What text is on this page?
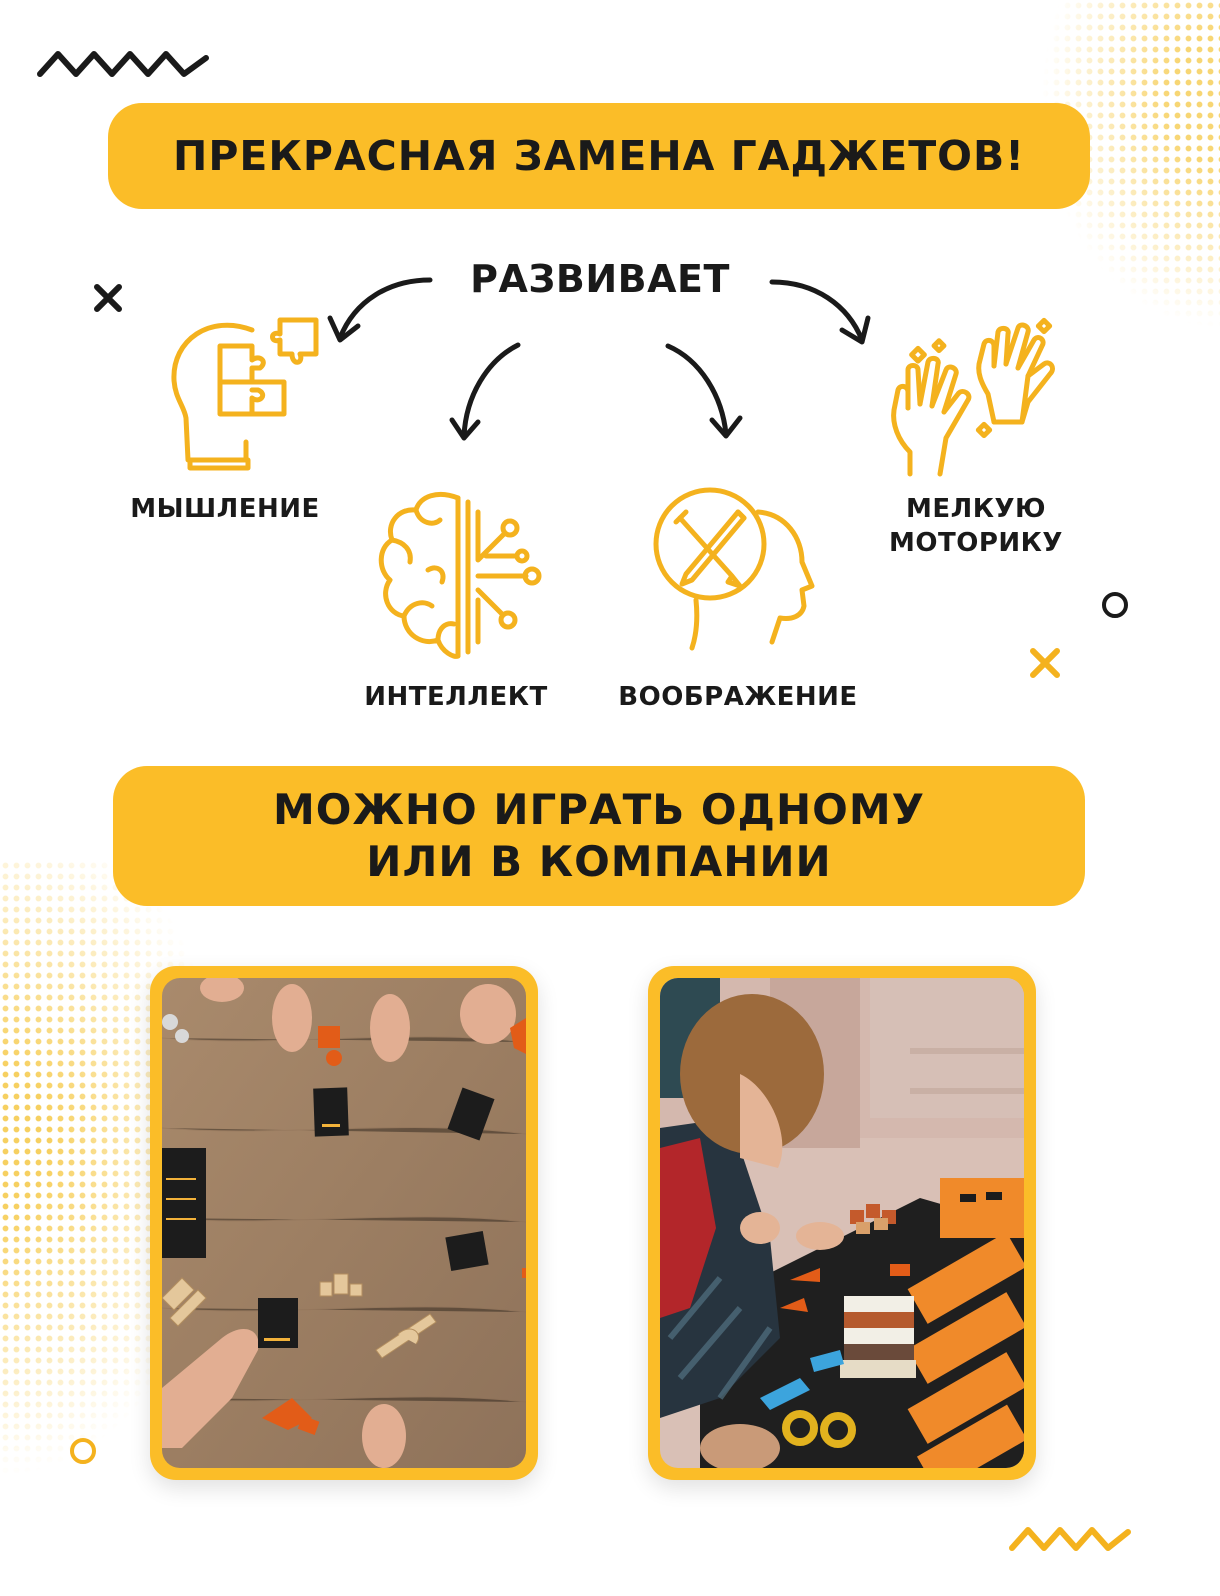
ПРЕКРАСНАЯ ЗАМЕНА ГАДЖЕТОВ!
РАЗВИВАЕТ
МЫШЛЕНИЕ
ИНТЕЛЛЕКТ	ВООБРАЖЕНИЕ
МЕЛКУЮ
МОТОРИКУ
МОЖНО ИГРАТЬ ОДНОМУ
ИЛИ В КОМПАНИИ
